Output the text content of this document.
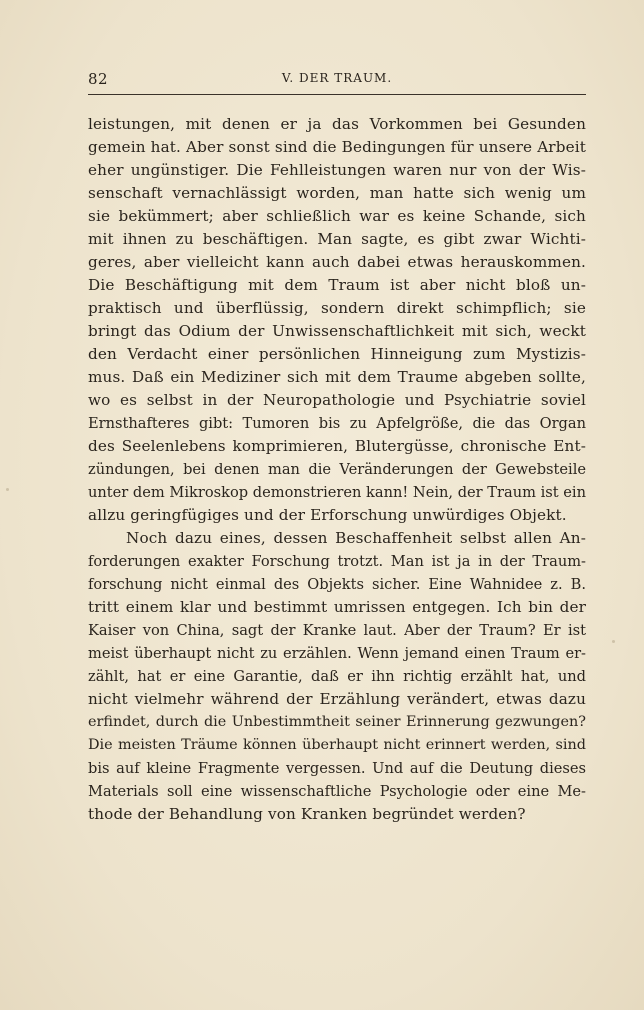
82	V. DER TRAUM.
leistungen, mit denen er ja das Vorkommen bei Gesunden
gemein hat. Aber sonst sind die Bedingungen für unsere Arbeit
eher ungünstiger. Die Fehlleistungen waren nur von der Wis-
senschaft vernachlässigt worden, man hatte sich wenig um
sie bekümmert; aber schließlich war es keine Schande, sich
mit ihnen zu beschäftigen. Man sagte, es gibt zwar Wichti-
geres, aber vielleicht kann auch dabei etwas herauskommen.
Die Beschäftigung mit dem Traum ist aber nicht bloß un-
praktisch und überflüssig, sondern direkt schimpflich; sie
bringt das Odium der Unwissenschaftlichkeit mit sich, weckt
den Verdacht einer persönlichen Hinneigung zum Mystizis-
mus. Daß ein Mediziner sich mit dem Traume abgeben sollte,
wo es selbst in der Neuropathologie und Psychiatrie soviel
Ernsthafteres gibt: Tumoren bis zu Apfelgröße, die das Organ
des Seelenlebens komprimieren, Blutergüsse, chronische Ent-
zündungen, bei denen man die Veränderungen der Gewebsteile
unter dem Mikroskop demonstrieren kann! Nein, der Traum ist ein
allzu geringfügiges und der Erforschung unwürdiges Objekt.
Noch dazu eines, dessen Beschaffenheit selbst allen An-
forderungen exakter Forschung trotzt. Man ist ja in der Traum-
forschung nicht einmal des Objekts sicher. Eine Wahnidee z. B.
tritt einem klar und bestimmt umrissen entgegen. Ich bin der
Kaiser von China, sagt der Kranke laut. Aber der Traum? Er ist
meist überhaupt nicht zu erzählen. Wenn jemand einen Traum er-
zählt, hat er eine Garantie, daß er ihn richtig erzählt hat, und
nicht vielmehr während der Erzählung verändert, etwas dazu
erfindet, durch die Unbestimmtheit seiner Erinnerung gezwungen?
Die meisten Träume können überhaupt nicht erinnert werden, sind
bis auf kleine Fragmente vergessen. Und auf die Deutung dieses
Materials soll eine wissenschaftliche Psychologie oder eine Me-
thode der Behandlung von Kranken begründet werden?
